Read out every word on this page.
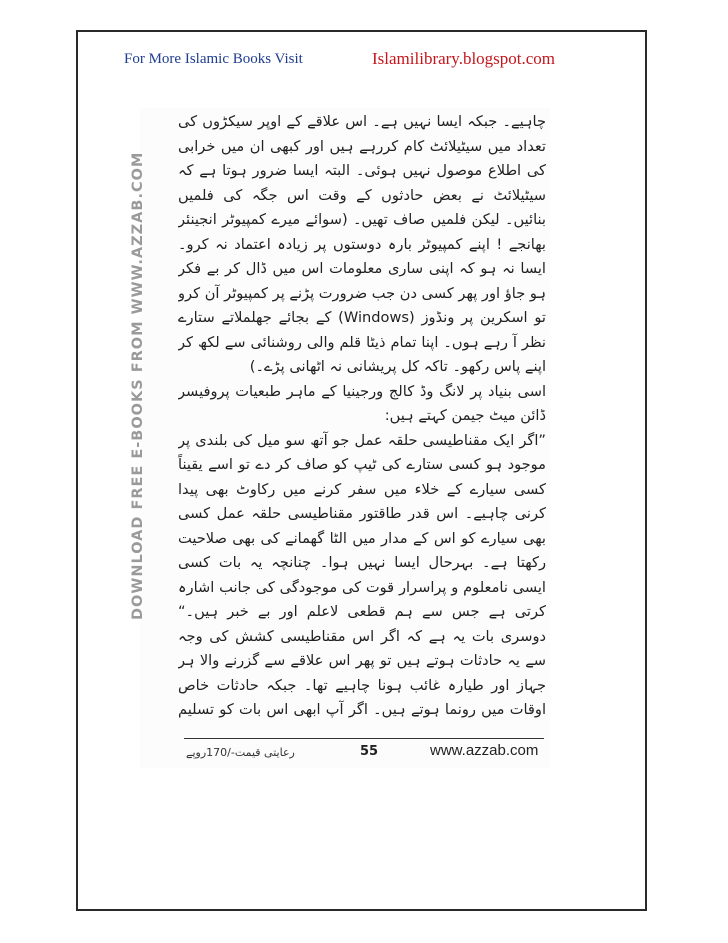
For More Islamic Books Visit	Islamilibrary.blogspot.com
DOWNLOAD FREE E-BOOKS FROM WWW.AZZAB.COM

چاہیے۔ جبکہ ایسا نہیں ہے۔ اس علاقے کے اوپر سیکڑوں کی تعداد میں سیٹیلائٹ کام کررہے ہیں اور کبھی ان میں خرابی کی اطلاع موصول نہیں ہوئی۔ البتہ ایسا ضرور ہوتا ہے کہ سیٹیلائٹ نے بعض حادثوں کے وقت اس جگہ کی فلمیں بنائیں۔ لیکن فلمیں صاف تھیں۔ (سوائے میرے کمپیوٹر انجینئر بھانجے ! اپنے کمپیوٹر بارہ دوستوں پر زیادہ اعتماد نہ کرو۔ ایسا نہ ہو کہ اپنی ساری معلومات اس میں ڈال کر بے فکر ہو جاؤ اور پھر کسی دن جب ضرورت پڑنے پر کمپیوٹر آن کرو تو اسکرین پر ونڈوز (Windows) کے بجائے جھلملاتے ستارے نظر آ رہے ہوں۔ اپنا تمام ذیٹا قلم والی روشنائی سے لکھ کر اپنے پاس رکھو۔ تاکہ کل پریشانی نہ اٹھانی پڑے۔)

اسی بنیاد پر لانگ وڈ کالج ورجینیا کے ماہر طبعیات پروفیسر ڈائن میٹ جیمن کہتے ہیں:

”اگر ایک مقناطیسی حلقہ عمل جو آتھ سو میل کی بلندی پر موجود ہو کسی ستارے کی ٹیپ کو صاف کر دے تو اسے یقیناً کسی سیارے کے خلاء میں سفر کرنے میں رکاوٹ بھی پیدا کرنی چاہیے۔ اس قدر طاقتور مقناطیسی حلقہ عمل کسی بھی سیارے کو اس کے مدار میں الٹا گھمانے کی بھی صلاحیت رکھتا ہے۔ بہرحال ایسا نہیں ہوا۔ چنانچہ یہ بات کسی ایسی نامعلوم و پراسرار قوت کی موجودگی کی جانب اشارہ کرتی ہے جس سے ہم قطعی لاعلم اور بے خبر ہیں۔“ دوسری بات یہ ہے کہ اگر اس مقناطیسی کشش کی وجہ سے یہ حادثات ہوتے ہیں تو پھر اس علاقے سے گزرنے والا ہر جہاز اور طیارہ غائب ہونا چاہیے تھا۔ جبکہ حادثات خاص اوقات میں رونما ہوتے ہیں۔ اگر آپ ابھی اس بات کو تسلیم

رعایتی قیمت-/170روپے	55	www.azzab.com
